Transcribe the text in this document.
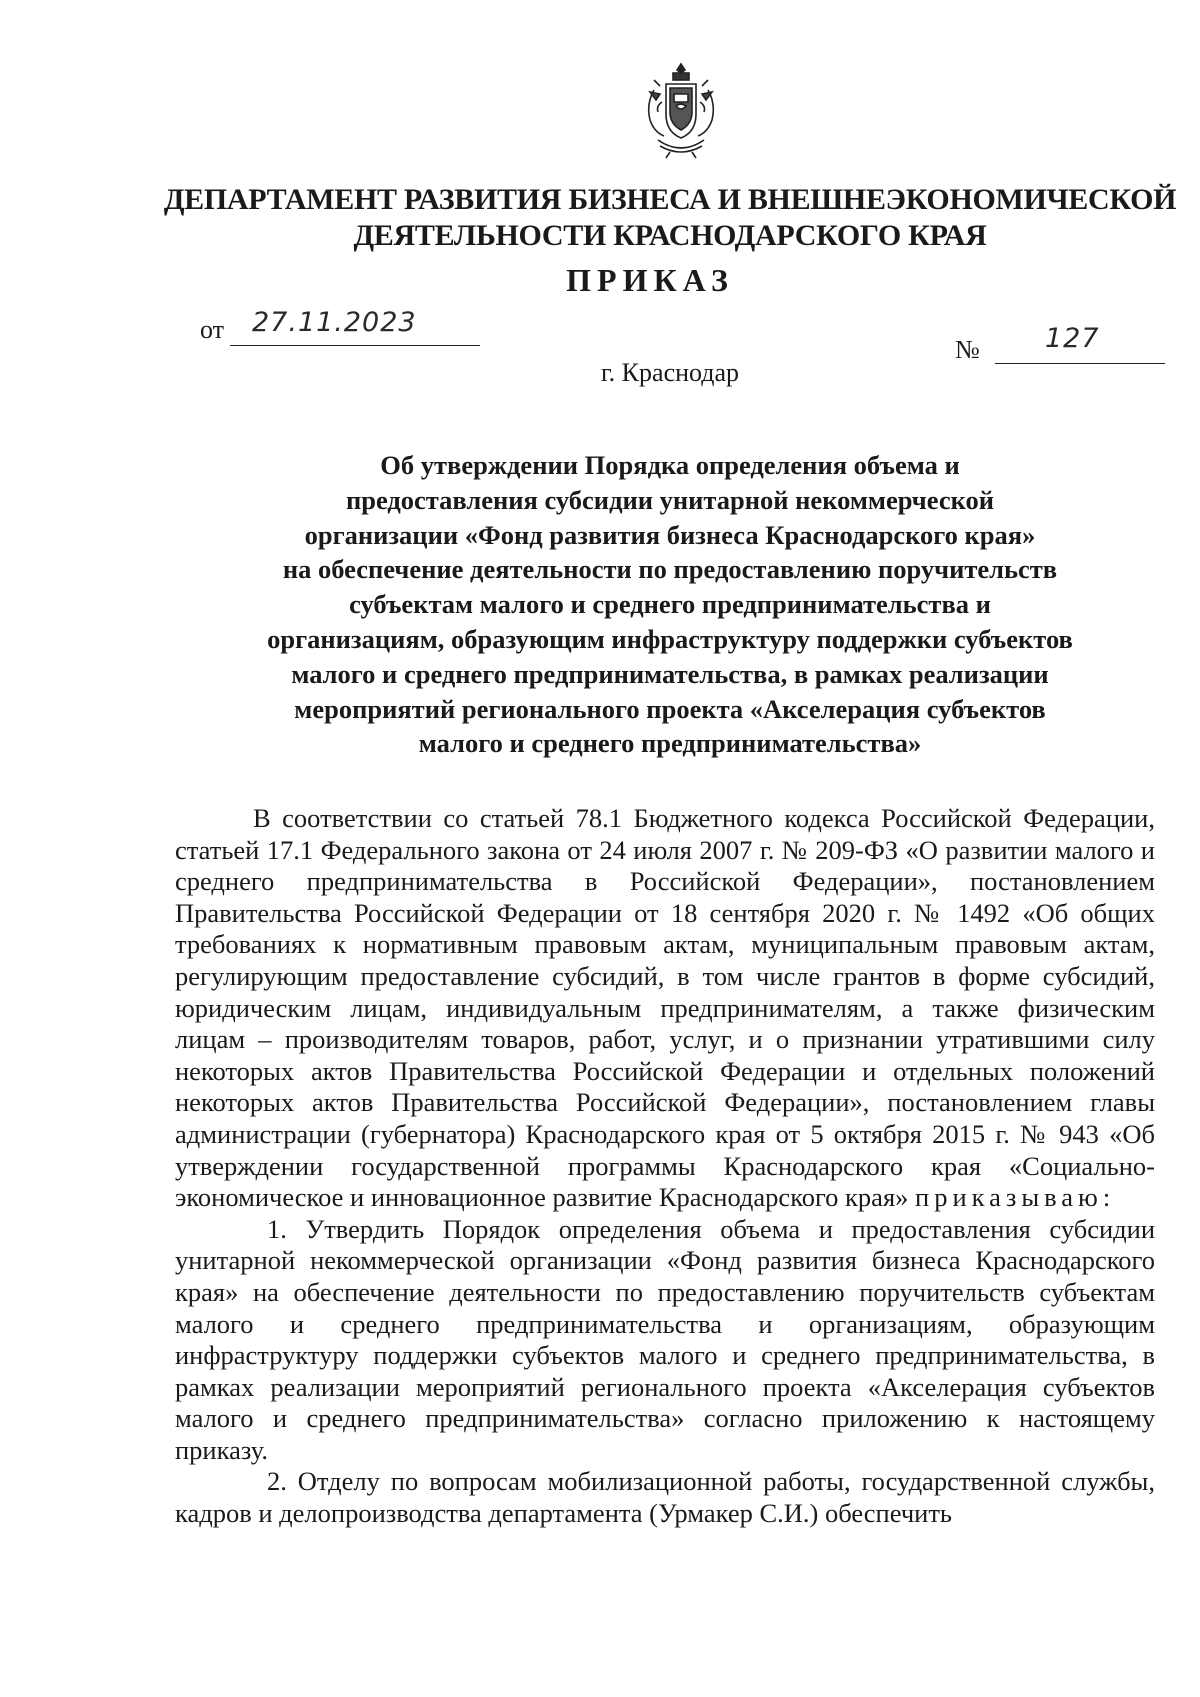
ДЕПАРТАМЕНТ РАЗВИТИЯ БИЗНЕСА И ВНЕШНЕЭКОНОМИЧЕСКОЙ ДЕЯТЕЛЬНОСТИ КРАСНОДАРСКОГО КРАЯ
ПРИКАЗ
от 27.11.2023
№ 127
г. Краснодар
Об утверждении Порядка определения объема и
предоставления субсидии унитарной некоммерческой
организации «Фонд развития бизнеса Краснодарского края»
на обеспечение деятельности по предоставлению поручительств
субъектам малого и среднего предпринимательства и
организациям, образующим инфраструктуру поддержки субъектов
малого и среднего предпринимательства, в рамках реализации
мероприятий регионального проекта «Акселерация субъектов
малого и среднего предпринимательства»

В соответствии со статьей 78.1 Бюджетного кодекса Российской Федерации, статьей 17.1 Федерального закона от 24 июля 2007 г. № 209-ФЗ «О развитии малого и среднего предпринимательства в Российской Федерации», постановлением Правительства Российской Федерации от 18 сентября 2020 г. № 1492 «Об общих требованиях к нормативным правовым актам, муниципальным правовым актам, регулирующим предоставление субсидий, в том числе грантов в форме субсидий, юридическим лицам, индивидуальным предпринимателям, а также физическим лицам – производителям товаров, работ, услуг, и о признании утратившими силу некоторых актов Правительства Российской Федерации и отдельных положений некоторых актов Правительства Российской Федерации», постановлением главы администрации (губернатора) Краснодарского края от 5 октября 2015 г. № 943 «Об утверждении государственной программы Краснодарского края «Социально-экономическое и инновационное развитие Краснодарского края» приказываю:

1. Утвердить Порядок определения объема и предоставления субсидии унитарной некоммерческой организации «Фонд развития бизнеса Краснодарского края» на обеспечение деятельности по предоставлению поручительств субъектам малого и среднего предпринимательства и организациям, образующим инфраструктуру поддержки субъектов малого и среднего предпринимательства, в рамках реализации мероприятий регионального проекта «Акселерация субъектов малого и среднего предпринимательства» согласно приложению к настоящему приказу.

2. Отделу по вопросам мобилизационной работы, государственной службы, кадров и делопроизводства департамента (Урмакер С.И.) обеспечить
